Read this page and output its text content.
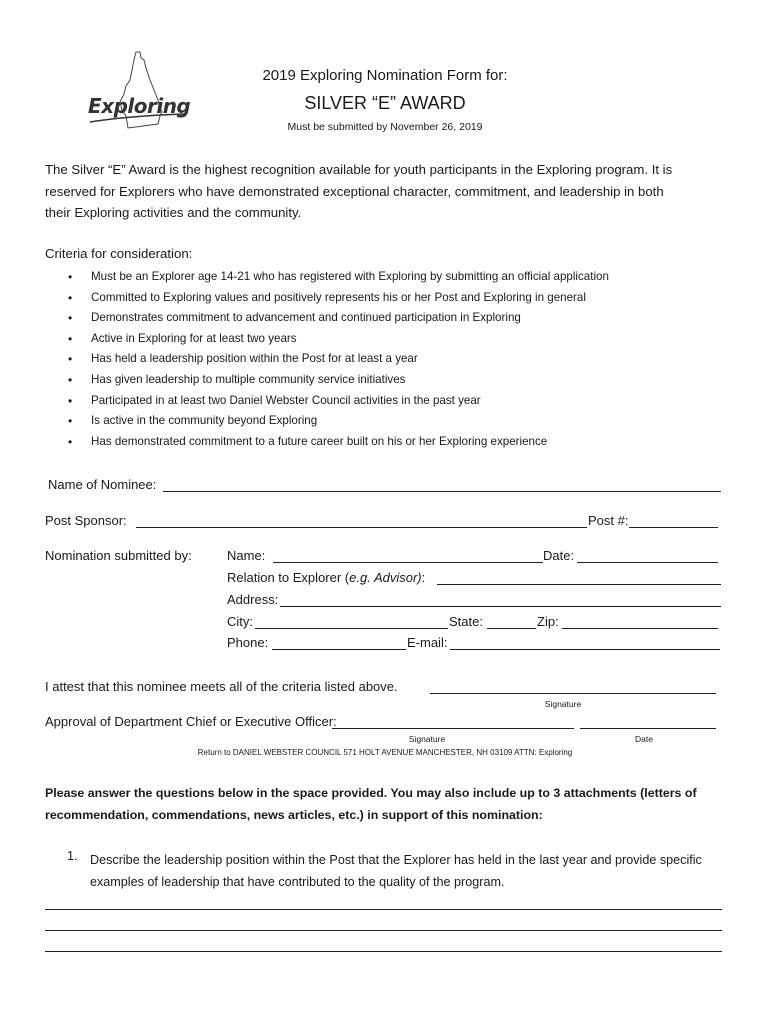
Exploring
2019 Exploring Nomination Form for:
SILVER “E” AWARD
Must be submitted by November 26, 2019
The Silver “E” Award is the highest recognition available for youth participants in the Exploring program. It is
reserved for Explorers who have demonstrated exceptional character, commitment, and leadership in both
their Exploring activities and the community.
Criteria for consideration:
• Must be an Explorer age 14-21 who has registered with Exploring by submitting an official application
• Committed to Exploring values and positively represents his or her Post and Exploring in general
• Demonstrates commitment to advancement and continued participation in Exploring
• Active in Exploring for at least two years
• Has held a leadership position within the Post for at least a year
• Has given leadership to multiple community service initiatives
• Participated in at least two Daniel Webster Council activities in the past year
• Is active in the community beyond Exploring
• Has demonstrated commitment to a future career built on his or her Exploring experience
Name of Nominee:
Post Sponsor:	Post #:
Nomination submitted by:	Name:	Date:
Relation to Explorer (e.g. Advisor):
Address:
City:	State:	Zip:
Phone:	E-mail:
I attest that this nominee meets all of the criteria listed above.
Signature
Approval of Department Chief or Executive Officer:
Signature	Date
Return to DANIEL WEBSTER COUNCIL 571 HOLT AVENUE MANCHESTER, NH 03109 ATTN: Exploring
Please answer the questions below in the space provided. You may also include up to 3 attachments (letters of recommendation, commendations, news articles, etc.) in support of this nomination:
1. Describe the leadership position within the Post that the Explorer has held in the last year and provide specific examples of leadership that have contributed to the quality of the program.
